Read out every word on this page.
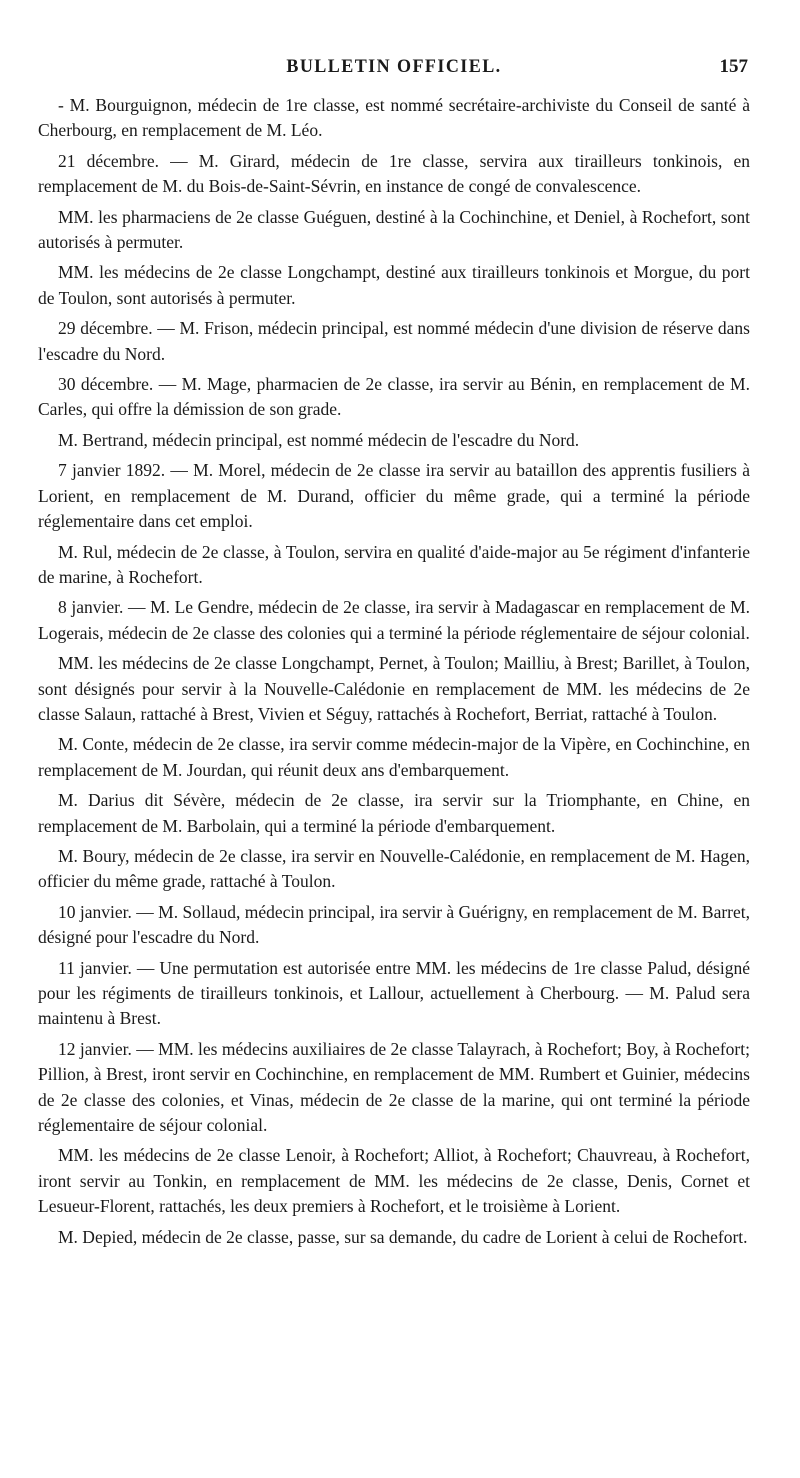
BULLETIN OFFICIEL.	157

- M. Bourguignon, médecin de 1re classe, est nommé secrétaire-archiviste du Conseil de santé à Cherbourg, en remplacement de M. Léo.

21 décembre. — M. Girard, médecin de 1re classe, servira aux tirailleurs tonkinois, en remplacement de M. du Bois-de-Saint-Sévrin, en instance de congé de convalescence.

MM. les pharmaciens de 2e classe Guéguen, destiné à la Cochinchine, et Deniel, à Rochefort, sont autorisés à permuter.

MM. les médecins de 2e classe Longchampt, destiné aux tirailleurs tonkinois et Morgue, du port de Toulon, sont autorisés à permuter.

29 décembre. — M. Frison, médecin principal, est nommé médecin d'une division de réserve dans l'escadre du Nord.

30 décembre. — M. Mage, pharmacien de 2e classe, ira servir au Bénin, en remplacement de M. Carles, qui offre la démission de son grade.

M. Bertrand, médecin principal, est nommé médecin de l'escadre du Nord.

7 janvier 1892. — M. Morel, médecin de 2e classe ira servir au bataillon des apprentis fusiliers à Lorient, en remplacement de M. Durand, officier du même grade, qui a terminé la période réglementaire dans cet emploi.

M. Rul, médecin de 2e classe, à Toulon, servira en qualité d'aide-major au 5e régiment d'infanterie de marine, à Rochefort.

8 janvier. — M. Le Gendre, médecin de 2e classe, ira servir à Madagascar en remplacement de M. Logerais, médecin de 2e classe des colonies qui a terminé la période réglementaire de séjour colonial.

MM. les médecins de 2e classe Longchampt, Pernet, à Toulon; Mailliu, à Brest; Barillet, à Toulon, sont désignés pour servir à la Nouvelle-Calédonie en remplacement de MM. les médecins de 2e classe Salaun, rattaché à Brest, Vivien et Séguy, rattachés à Rochefort, Berriat, rattaché à Toulon.

M. Conte, médecin de 2e classe, ira servir comme médecin-major de la Vipère, en Cochinchine, en remplacement de M. Jourdan, qui réunit deux ans d'embarquement.

M. Darius dit Sévère, médecin de 2e classe, ira servir sur la Triomphante, en Chine, en remplacement de M. Barbolain, qui a terminé la période d'embarquement.

M. Boury, médecin de 2e classe, ira servir en Nouvelle-Calédonie, en remplacement de M. Hagen, officier du même grade, rattaché à Toulon.

10 janvier. — M. Sollaud, médecin principal, ira servir à Guérigny, en remplacement de M. Barret, désigné pour l'escadre du Nord.

11 janvier. — Une permutation est autorisée entre MM. les médecins de 1re classe Palud, désigné pour les régiments de tirailleurs tonkinois, et Lallour, actuellement à Cherbourg. — M. Palud sera maintenu à Brest.

12 janvier. — MM. les médecins auxiliaires de 2e classe Talayrach, à Rochefort; Boy, à Rochefort; Pillion, à Brest, iront servir en Cochinchine, en remplacement de MM. Rumbert et Guinier, médecins de 2e classe des colonies, et Vinas, médecin de 2e classe de la marine, qui ont terminé la période réglementaire de séjour colonial.

MM. les médecins de 2e classe Lenoir, à Rochefort; Alliot, à Rochefort; Chauvreau, à Rochefort, iront servir au Tonkin, en remplacement de MM. les médecins de 2e classe, Denis, Cornet et Lesueur-Florent, rattachés, les deux premiers à Rochefort, et le troisième à Lorient.

M. Depied, médecin de 2e classe, passe, sur sa demande, du cadre de Lorient à celui de Rochefort.
